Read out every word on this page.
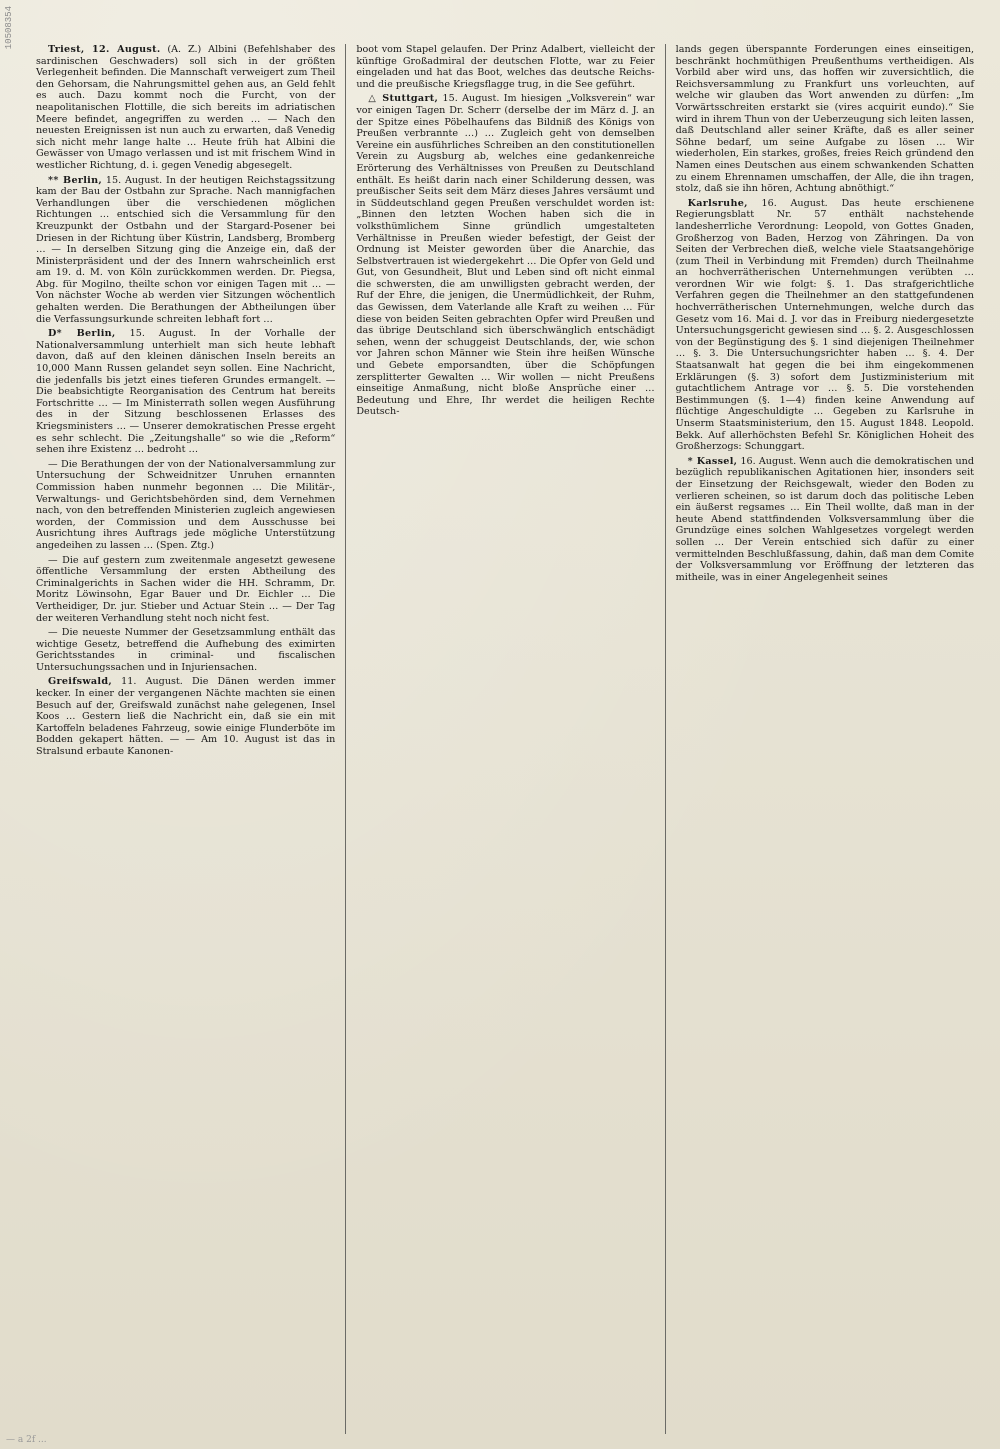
10508354

Triest, 12. August. (A. Z.) Albini (Befehlshaber des sardinischen Geschwaders) soll sich in der größten Verlegenheit befinden. Die Mannschaft verweigert zum Theil den Gehorsam, die Nahrungsmittel gehen aus, an Geld fehlt es auch. Dazu kommt noch die Furcht, von der neapolitanischen Flottille, die sich bereits im adriatischen Meere befindet, angegriffen zu werden … — Nach den neuesten Ereignissen ist nun auch zu erwarten, daß Venedig sich nicht mehr lange halte … Heute früh hat Albini die Gewässer von Umago verlassen und ist mit frischem Wind in westlicher Richtung, d. i. gegen Venedig abgesegelt.

** Berlin, 15. August. In der heutigen Reichstagssitzung kam der Bau der Ostbahn zur Sprache. Nach mannigfachen Verhandlungen über die verschiedenen möglichen Richtungen … entschied sich die Versammlung für den Kreuzpunkt der Ostbahn und der Stargard-Posener bei Driesen in der Richtung über Küstrin, Landsberg, Bromberg … — In derselben Sitzung ging die Anzeige ein, daß der Ministerpräsident und der des Innern wahrscheinlich erst am 19. d. M. von Köln zurückkommen werden. Dr. Piegsa, Abg. für Mogilno, theilte schon vor einigen Tagen mit … — Von nächster Woche ab werden vier Sitzungen wöchentlich gehalten werden. Die Berathungen der Abtheilungen über die Verfassungsurkunde schreiten lebhaft fort …

D* Berlin, 15. August. In der Vorhalle der Nationalversammlung unterhielt man sich heute lebhaft davon, daß auf den kleinen dänischen Inseln bereits an 10,000 Mann Russen gelandet seyn sollen. Eine Nachricht, die jedenfalls bis jetzt eines tieferen Grundes ermangelt. — Die beabsichtigte Reorganisation des Centrum hat bereits Fortschritte … — Im Ministerrath sollen wegen Ausführung des in der Sitzung beschlossenen Erlasses des Kriegsministers … — Unserer demokratischen Presse ergeht es sehr schlecht. Die „Zeitungshalle“ so wie die „Reform“ sehen ihre Existenz … bedroht …

— Die Berathungen der von der Nationalversammlung zur Untersuchung der Schweidnitzer Unruhen ernannten Commission haben nunmehr begonnen … Die Militär-, Verwaltungs- und Gerichtsbehörden sind, dem Vernehmen nach, von den betreffenden Ministerien zugleich angewiesen worden, der Commission und dem Ausschusse bei Ausrichtung ihres Auftrags jede mögliche Unterstützung angedeihen zu lassen … (Spen. Ztg.)

— Die auf gestern zum zweitenmale angesetzt gewesene öffentliche Versammlung der ersten Abtheilung des Criminalgerichts in Sachen wider die HH. Schramm, Dr. Moritz Löwinsohn, Egar Bauer und Dr. Eichler … Die Vertheidiger, Dr. jur. Stieber und Actuar Stein … — Der Tag der weiteren Verhandlung steht noch nicht fest.

— Die neueste Nummer der Gesetzsammlung enthält das wichtige Gesetz, betreffend die Aufhebung des eximirten Gerichtsstandes in criminal- und fiscalischen Untersuchungssachen und in Injuriensachen.

Greifswald, 11. August. Die Dänen werden immer kecker. In einer der vergangenen Nächte machten sie einen Besuch auf der, Greifswald zunächst nahe gelegenen, Insel Koos … Gestern ließ die Nachricht ein, daß sie ein mit Kartoffeln beladenes Fahrzeug, sowie einige Flunderböte im Bodden gekapert hätten. — — Am 10. August ist das in Stralsund erbaute Kanonen-

boot vom Stapel gelaufen. Der Prinz Adalbert, vielleicht der künftige Großadmiral der deutschen Flotte, war zu Feier eingeladen und hat das Boot, welches das deutsche Reichs- und die preußische Kriegsflagge trug, in die See geführt.

△ Stuttgart, 15. August. Im hiesigen „Volksverein“ war vor einigen Tagen Dr. Scherr (derselbe der im März d. J. an der Spitze eines Pöbelhaufens das Bildniß des Königs von Preußen verbrannte …) … Zugleich geht von demselben Vereine ein ausführliches Schreiben an den constitutionellen Verein zu Augsburg ab, welches eine gedankenreiche Erörterung des Verhältnisses von Preußen zu Deutschland enthält. Es heißt darin nach einer Schilderung dessen, was preußischer Seits seit dem März dieses Jahres versäumt und in Süddeutschland gegen Preußen verschuldet worden ist: „Binnen den letzten Wochen haben sich die in volksthümlichem Sinne gründlich umgestalteten Verhältnisse in Preußen wieder befestigt, der Geist der Ordnung ist Meister geworden über die Anarchie, das Selbstvertrauen ist wiedergekehrt … Die Opfer von Geld und Gut, von Gesundheit, Blut und Leben sind oft nicht einmal die schwersten, die am unwilligsten gebracht werden, der Ruf der Ehre, die jenigen, die Unermüdlichkeit, der Ruhm, das Gewissen, dem Vaterlande alle Kraft zu weihen … Für diese von beiden Seiten gebrachten Opfer wird Preußen und das übrige Deutschland sich überschwänglich entschädigt sehen, wenn der schuggeist Deutschlands, der, wie schon vor Jahren schon Männer wie Stein ihre heißen Wünsche und Gebete emporsandten, über die Schöpfungen zersplitterter Gewalten … Wir wollen — nicht Preußens einseitige Anmaßung, nicht bloße Ansprüche einer … Bedeutung und Ehre, Ihr werdet die heiligen Rechte Deutsch-

lands gegen überspannte Forderungen eines einseitigen, beschränkt hochmüthigen Preußenthums vertheidigen. Als Vorbild aber wird uns, das hoffen wir zuversichtlich, die Reichsversammlung zu Frankfurt uns vorleuchten, auf welche wir glauben das Wort anwenden zu dürfen: „Im Vorwärtsschreiten erstarkt sie (vires acquirit eundo).“ Sie wird in ihrem Thun von der Ueberzeugung sich leiten lassen, daß Deutschland aller seiner Kräfte, daß es aller seiner Söhne bedarf, um seine Aufgabe zu lösen … Wir wiederholen, Ein starkes, großes, freies Reich gründend den Namen eines Deutschen aus einem schwankenden Schatten zu einem Ehrennamen umschaffen, der Alle, die ihn tragen, stolz, daß sie ihn hören, Achtung abnöthigt.“

Karlsruhe, 16. August. Das heute erschienene Regierungsblatt Nr. 57 enthält nachstehende landesherrliche Verordnung: Leopold, von Gottes Gnaden, Großherzog von Baden, Herzog von Zähringen. Da von Seiten der Verbrechen dieß, welche viele Staatsangehörige (zum Theil in Verbindung mit Fremden) durch Theilnahme an hochverrätherischen Unternehmungen verübten … verordnen Wir wie folgt: §. 1. Das strafgerichtliche Verfahren gegen die Theilnehmer an den stattgefundenen hochverrätherischen Unternehmungen, welche durch das Gesetz vom 16. Mai d. J. vor das in Freiburg niedergesetzte Untersuchungsgericht gewiesen sind … §. 2. Ausgeschlossen von der Begünstigung des §. 1 sind diejenigen Theilnehmer … §. 3. Die Untersuchungsrichter haben … §. 4. Der Staatsanwalt hat gegen die bei ihm eingekommenen Erklärungen (§. 3) sofort dem Justizministerium mit gutachtlichem Antrage vor … §. 5. Die vorstehenden Bestimmungen (§. 1—4) finden keine Anwendung auf flüchtige Angeschuldigte … Gegeben zu Karlsruhe in Unserm Staatsministerium, den 15. August 1848. Leopold. Bekk. Auf allerhöchsten Befehl Sr. Königlichen Hoheit des Großherzogs: Schunggart.

* Kassel, 16. August. Wenn auch die demokratischen und bezüglich republikanischen Agitationen hier, insonders seit der Einsetzung der Reichsgewalt, wieder den Boden zu verlieren scheinen, so ist darum doch das politische Leben ein äußerst regsames … Ein Theil wollte, daß man in der heute Abend stattfindenden Volksversammlung über die Grundzüge eines solchen Wahlgesetzes vorgelegt werden sollen … Der Verein entschied sich dafür zu einer vermittelnden Beschlußfassung, dahin, daß man dem Comite der Volksversammlung vor Eröffnung der letzteren das mitheile, was in einer Angelegenheit seines

— a 2f ...
